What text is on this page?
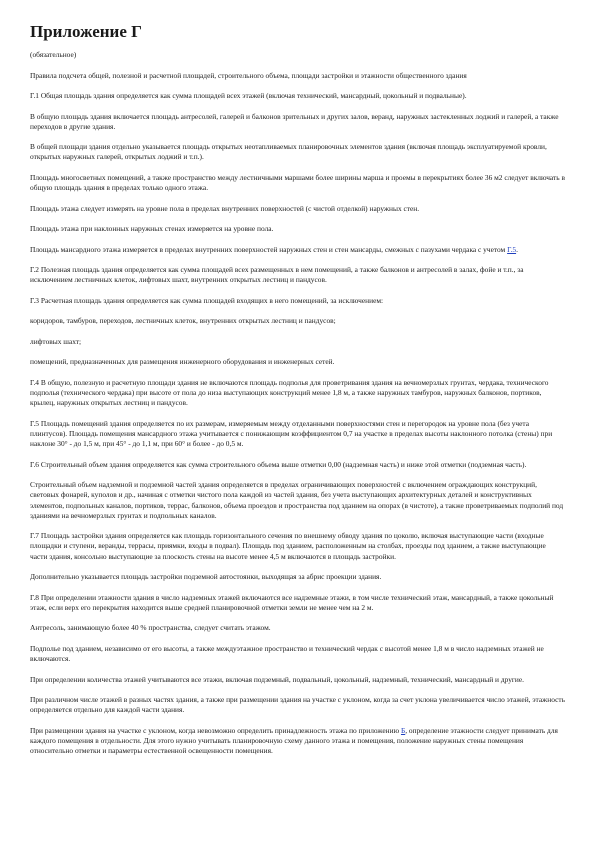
Приложение Г

(обязательное)

Правила подсчета общей, полезной и расчетной площадей, строительного объема, площади застройки и этажности общественного здания

Г.1 Общая площадь здания определяется как сумма площадей всех этажей (включая технический, мансардный, цокольный и подвальные).

В общую площадь здания включается площадь антресолей, галерей и балконов зрительных и других залов, веранд, наружных застекленных лоджий и галерей, а также переходов в другие здания.

В общей площади здания отдельно указывается площадь открытых неотапливаемых планировочных элементов здания (включая площадь эксплуатируемой кровли, открытых наружных галерей, открытых лоджий и т.п.).

Площадь многосветных помещений, а также пространство между лестничными маршами более ширины марша и проемы в перекрытиях более 36 м2 следует включать в общую площадь здания в пределах только одного этажа.

Площадь этажа следует измерять на уровне пола в пределах внутренних поверхностей (с чистой отделкой) наружных стен.

Площадь этажа при наклонных наружных стенах измеряется на уровне пола.

Площадь мансардного этажа измеряется в пределах внутренних поверхностей наружных стен и стен мансарды, смежных с пазухами чердака с учетом Г.5.

Г.2 Полезная площадь здания определяется как сумма площадей всех размещенных в нем помещений, а также балконов и антресолей в залах, фойе и т.п., за исключением лестничных клеток, лифтовых шахт, внутренних открытых лестниц и пандусов.

Г.3 Расчетная площадь здания определяется как сумма площадей входящих в него помещений, за исключением:

коридоров, тамбуров, переходов, лестничных клеток, внутренних открытых лестниц и пандусов;

лифтовых шахт;

помещений, предназначенных для размещения инженерного оборудования и инженерных сетей.

Г.4 В общую, полезную и расчетную площади здания не включаются площадь подполья для проветривания здания на вечномерзлых грунтах, чердака, технического подполья (технического чердака) при высоте от пола до низа выступающих конструкций менее 1,8 м, а также наружных тамбуров, наружных балконов, портиков, крылец, наружных открытых лестниц и пандусов.

Г.5 Площадь помещений здания определяется по их размерам, измеряемым между отделанными поверхностями стен и перегородок на уровне пола (без учета плинтусов). Площадь помещения мансардного этажа учитывается с понижающим коэффициентом 0,7 на участке в пределах высоты наклонного потолка (стены) при наклоне 30° - до 1,5 м, при 45° - до 1,1 м, при 60° и более - до 0,5 м.

Г.6 Строительный объем здания определяется как сумма строительного объема выше отметки 0,00 (надземная часть) и ниже этой отметки (подземная часть).

Строительный объем надземной и подземной частей здания определяется в пределах ограничивающих поверхностей с включением ограждающих конструкций, световых фонарей, куполов и др., начиная с отметки чистого пола каждой из частей здания, без учета выступающих архитектурных деталей и конструктивных элементов, подпольных каналов, портиков, террас, балконов, объема проездов и пространства под зданием на опорах (в чистоте), а также проветриваемых подполий под зданиями на вечномерзлых грунтах и подпольных каналов.

Г.7 Площадь застройки здания определяется как площадь горизонтального сечения по внешнему обводу здания по цоколю, включая выступающие части (входные площадки и ступени, веранды, террасы, приямки, входы в подвал). Площадь под зданием, расположенным на столбах, проезды под зданием, а также выступающие части здания, консольно выступающие за плоскость стены на высоте менее 4,5 м включаются в площадь застройки.

Дополнительно указывается площадь застройки подземной автостоянки, выходящая за абрис проекции здания.

Г.8 При определении этажности здания в число надземных этажей включаются все надземные этажи, в том числе технический этаж, мансардный, а также цокольный этаж, если верх его перекрытия находится выше средней планировочной отметки земли не менее чем на 2 м.

Антресоль, занимающую более 40 % пространства, следует считать этажом.

Подполье под зданием, независимо от его высоты, а также междуэтажное пространство и технический чердак с высотой менее 1,8 м в число надземных этажей не включаются.

При определении количества этажей учитываются все этажи, включая подземный, подвальный, цокольный, надземный, технический, мансардный и другие.

При различном числе этажей в разных частях здания, а также при размещении здания на участке с уклоном, когда за счет уклона увеличивается число этажей, этажность определяется отдельно для каждой части здания.

При размещении здания на участке с уклоном, когда невозможно определить принадлежность этажа по приложению Б, определение этажности следует принимать для каждого помещения в отдельности. Для этого нужно учитывать планировочную схему данного этажа и помещения, положение наружных стены помещения относительно отметки и параметры естественной освещенности помещения.
